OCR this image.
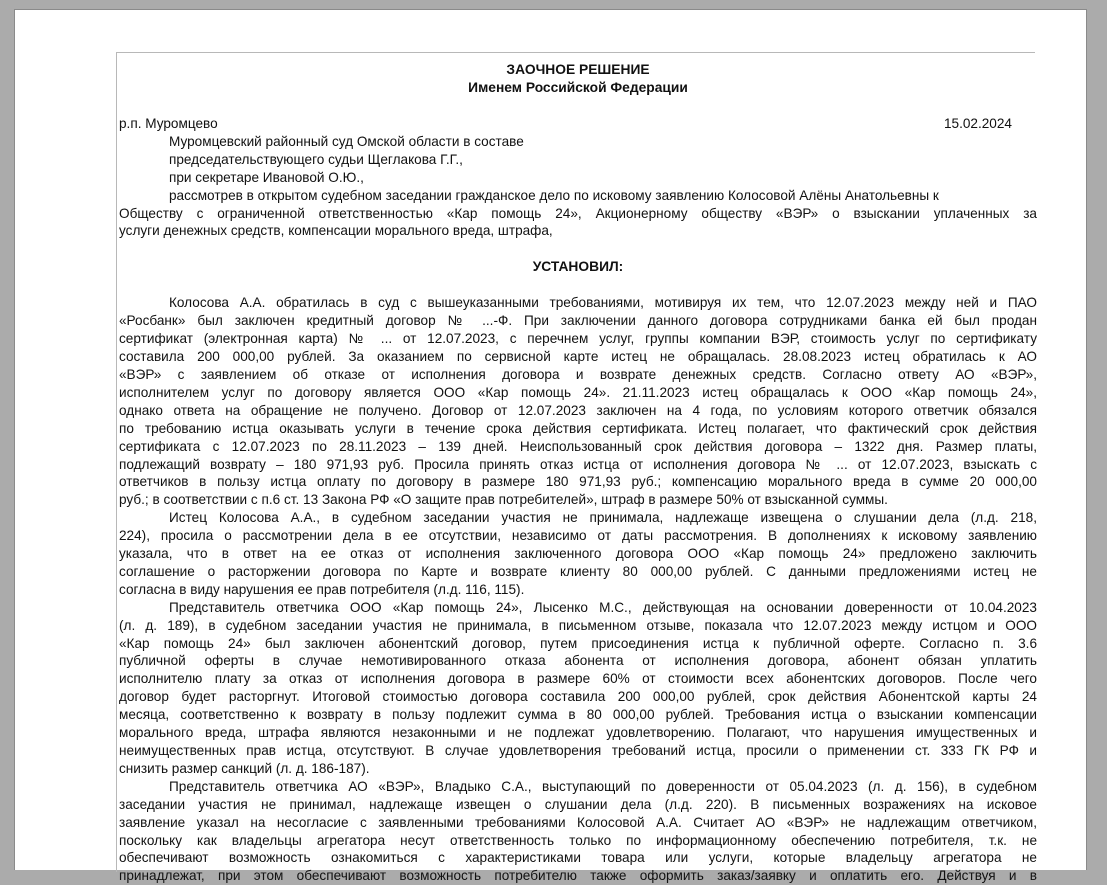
ЗАОЧНОЕ РЕШЕНИЕ

Именем Российской Федерации

р.п. Муромцево	15.02.2024

Муромцевский районный суд Омской области в составе

председательствующего судьи Щеглакова Г.Г.,

при секретаре Ивановой О.Ю.,

рассмотрев в открытом судебном заседании гражданское дело по исковому заявлению Колосовой Алёны Анатольевны к

Обществу с ограниченной ответственностью «Кар помощь 24», Акционерному обществу «ВЭР» о взыскании уплаченных за

услуги денежных средств, компенсации морального вреда, штрафа,

УСТАНОВИЛ:

Колосова А.А. обратилась в суд с вышеуказанными требованиями, мотивируя их тем, что 12.07.2023 между ней и ПАО

«Росбанк» был заключен кредитный договор № ...-Ф. При заключении данного договора сотрудниками банка ей был продан

сертификат (электронная карта) № ... от 12.07.2023, с перечнем услуг, группы компании ВЭР, стоимость услуг по сертификату

составила 200 000,00 рублей. За оказанием по сервисной карте истец не обращалась. 28.08.2023 истец обратилась к АО

«ВЭР» с заявлением об отказе от исполнения договора и возврате денежных средств. Согласно ответу АО «ВЭР»,

исполнителем услуг по договору является ООО «Кар помощь 24». 21.11.2023 истец обращалась к ООО «Кар помощь 24»,

однако ответа на обращение не получено. Договор от 12.07.2023 заключен на 4 года, по условиям которого ответчик обязался

по требованию истца оказывать услуги в течение срока действия сертификата. Истец полагает, что фактический срок действия

сертификата с 12.07.2023 по 28.11.2023 – 139 дней. Неиспользованный срок действия договора – 1322 дня. Размер платы,

подлежащий возврату – 180 971,93 руб. Просила принять отказ истца от исполнения договора № ... от 12.07.2023, взыскать с

ответчиков в пользу истца оплату по договору в размере 180 971,93 руб.; компенсацию морального вреда в сумме 20 000,00

руб.; в соответствии с п.6 ст. 13 Закона РФ «О защите прав потребителей», штраф в размере 50% от взысканной суммы.

Истец Колосова А.А., в судебном заседании участия не принимала, надлежаще извещена о слушании дела (л.д. 218,

224), просила о рассмотрении дела в ее отсутствии, независимо от даты рассмотрения. В дополнениях к исковому заявлению

указала, что в ответ на ее отказ от исполнения заключенного договора ООО «Кар помощь 24» предложено заключить

соглашение о расторжении договора по Карте и возврате клиенту 80 000,00 рублей. С данными предложениями истец не

согласна в виду нарушения ее прав потребителя (л.д. 116, 115).

Представитель ответчика ООО «Кар помощь 24», Лысенко М.С., действующая на основании доверенности от 10.04.2023

(л. д. 189), в судебном заседании участия не принимала, в письменном отзыве, показала что 12.07.2023 между истцом и ООО

«Кар помощь 24» был заключен абонентский договор, путем присоединения истца к публичной оферте. Согласно п. 3.6

публичной оферты в случае немотивированного отказа абонента от исполнения договора, абонент обязан уплатить

исполнителю плату за отказ от исполнения договора в размере 60% от стоимости всех абонентских договоров. После чего

договор будет расторгнут. Итоговой стоимостью договора составила 200 000,00 рублей, срок действия Абонентской карты 24

месяца, соответственно к возврату в пользу подлежит сумма в 80 000,00 рублей. Требования истца о взыскании компенсации

морального вреда, штрафа являются незаконными и не подлежат удовлетворению. Полагают, что нарушения имущественных и

неимущественных прав истца, отсутствуют. В случае удовлетворения требований истца, просили о применении ст. 333 ГК РФ и

снизить размер санкций (л. д. 186-187).

Представитель ответчика АО «ВЭР», Владыко С.А., выступающий по доверенности от 05.04.2023 (л. д. 156), в судебном

заседании участия не принимал, надлежаще извещен о слушании дела (л.д. 220). В письменных возражениях на исковое

заявление указал на несогласие с заявленными требованиями Колосовой А.А. Считает АО «ВЭР» не надлежащим ответчиком,

поскольку как владельцы агрегатора несут ответственность только по информационному обеспечению потребителя, т.к. не

обеспечивают возможность ознакомиться с характеристиками товара или услуги, которые владельцу агрегатора не

принадлежат, при этом обеспечивают возможность потребителю также оформить заказ/заявку и оплатить его. Действуя и в
